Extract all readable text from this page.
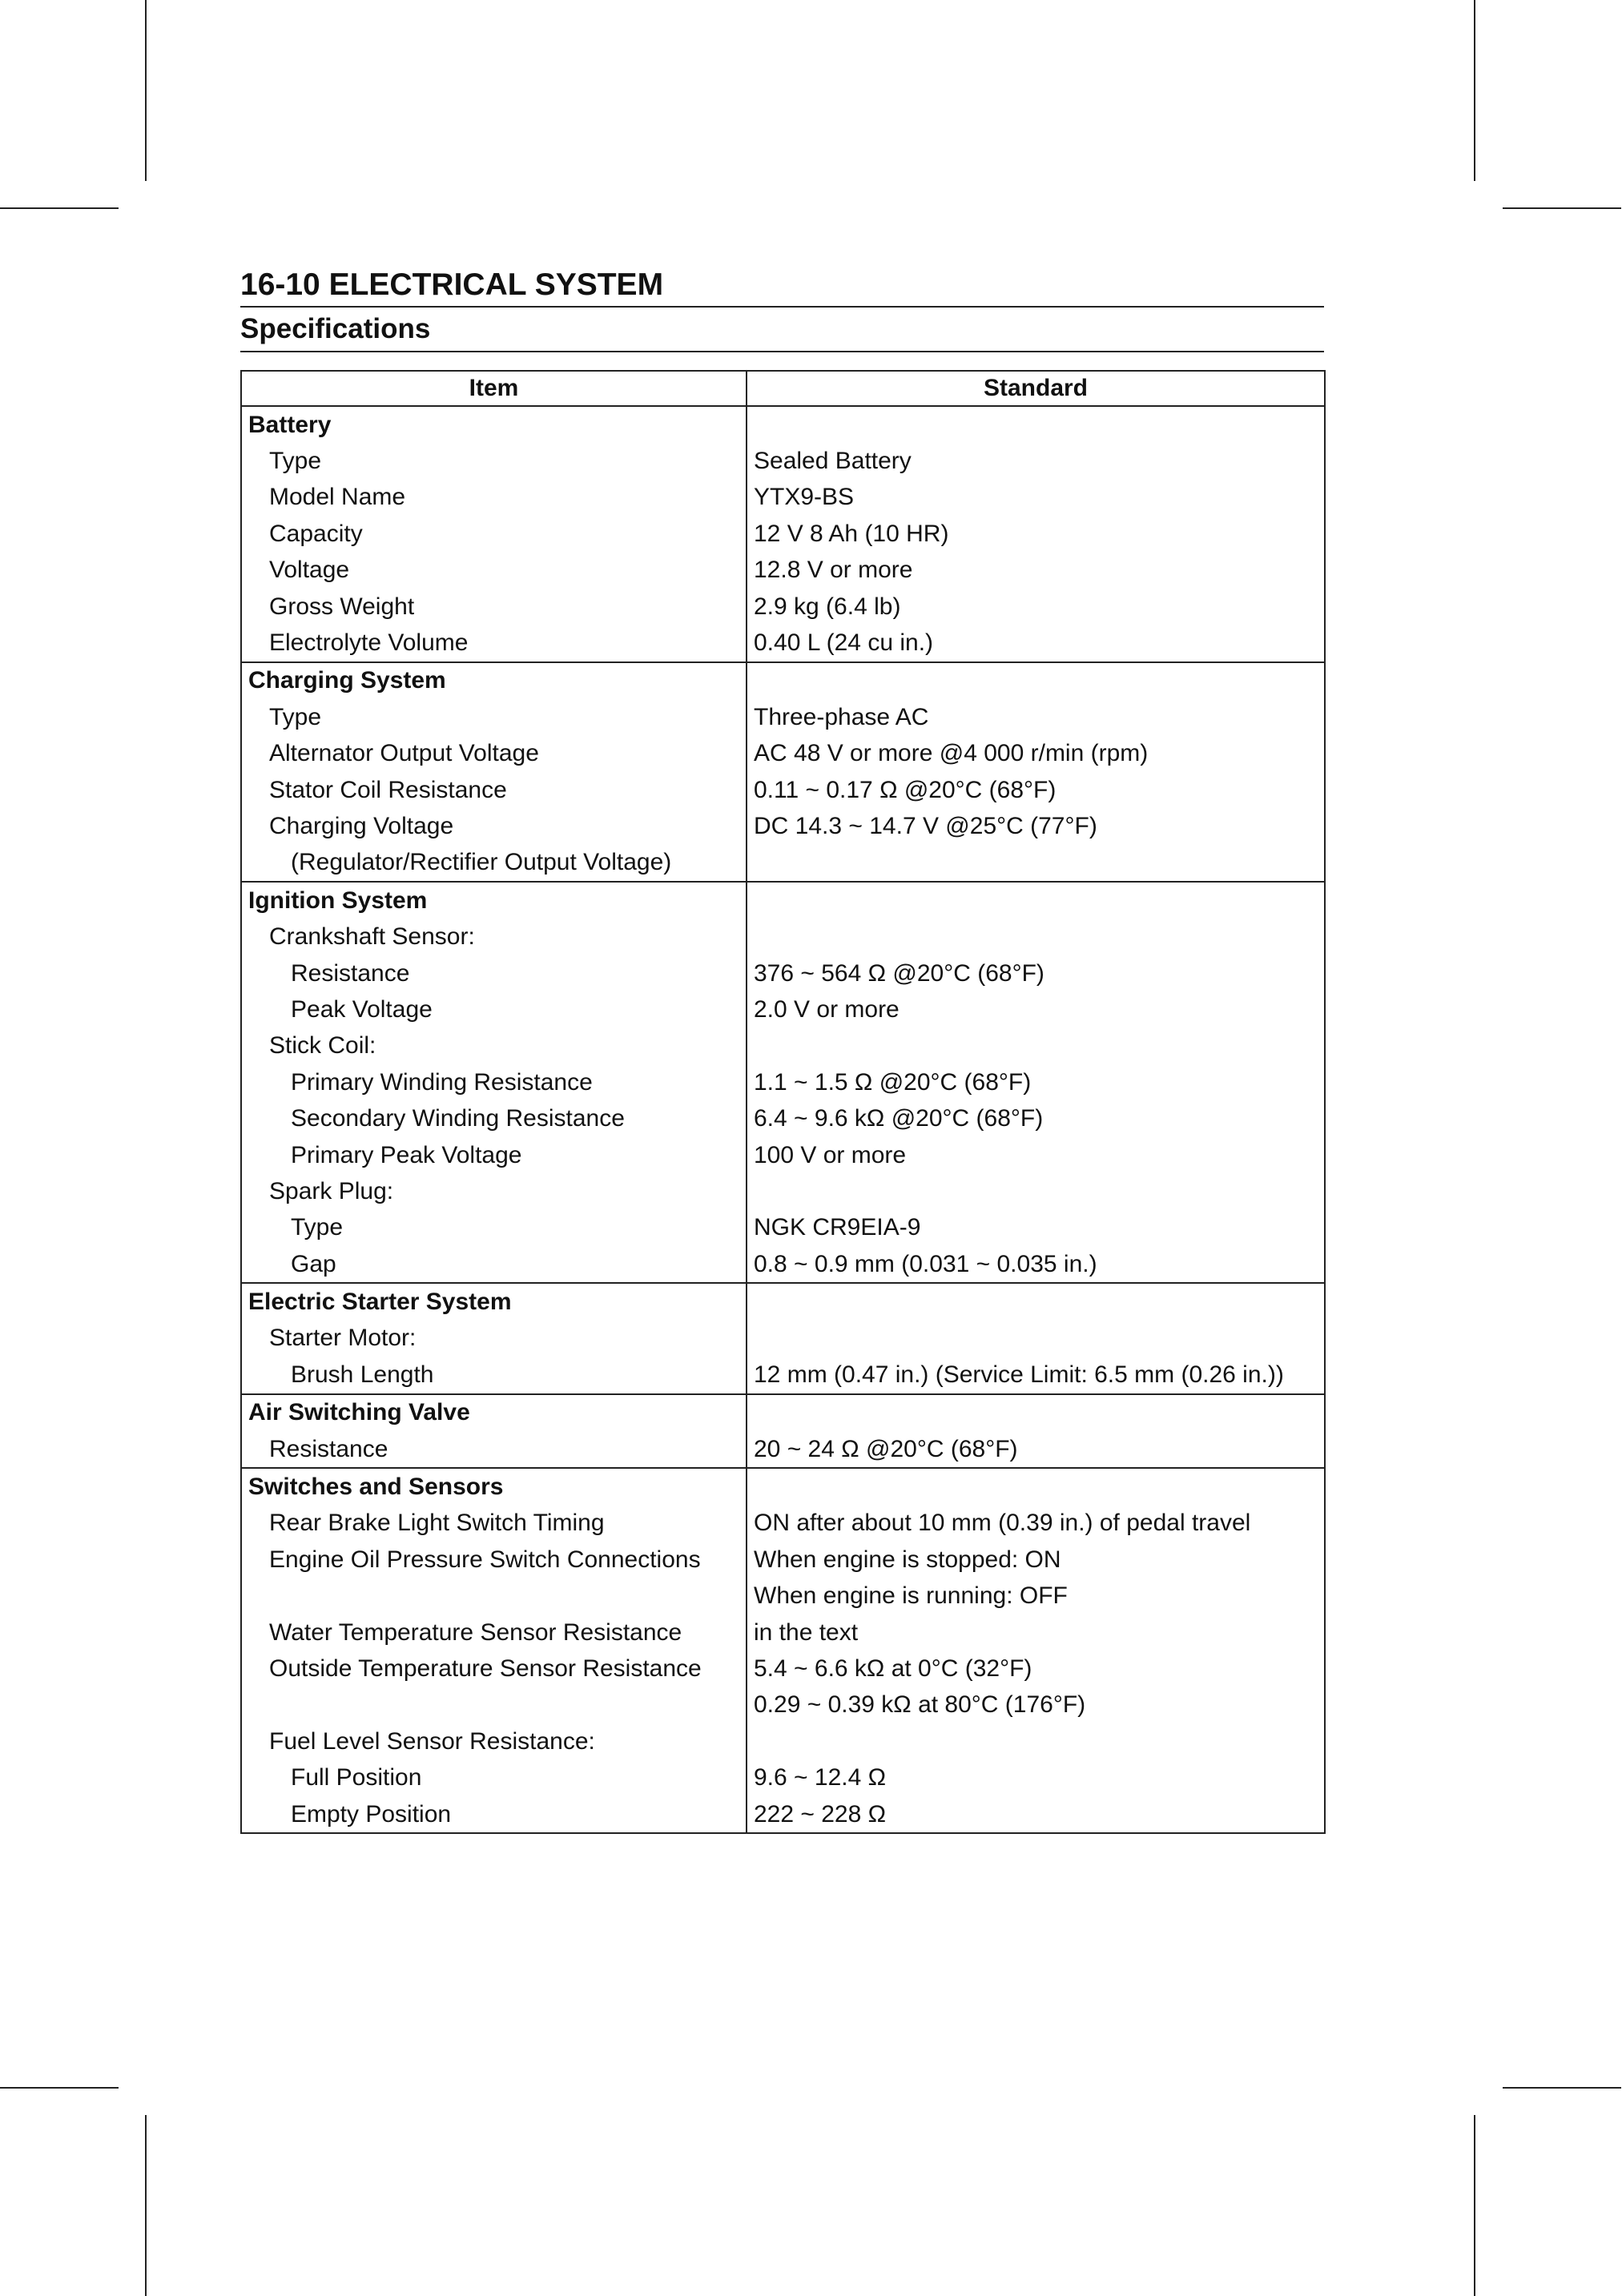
16-10 ELECTRICAL SYSTEM
Specifications
Item	Standard
Battery	
Type	Sealed Battery
Model Name	YTX9-BS
Capacity	12 V 8 Ah (10 HR)
Voltage	12.8 V or more
Gross Weight	2.9 kg (6.4 lb)
Electrolyte Volume	0.40 L (24 cu in.)
Charging System	
Type	Three-phase AC
Alternator Output Voltage	AC 48 V or more @4 000 r/min (rpm)
Stator Coil Resistance	0.11 ~ 0.17 Ω @20°C (68°F)
Charging Voltage	DC 14.3 ~ 14.7 V @25°C (77°F)
(Regulator/Rectifier Output Voltage)	
Ignition System	
Crankshaft Sensor:	
Resistance	376 ~ 564 Ω @20°C (68°F)
Peak Voltage	2.0 V or more
Stick Coil:	
Primary Winding Resistance	1.1 ~ 1.5 Ω @20°C (68°F)
Secondary Winding Resistance	6.4 ~ 9.6 kΩ @20°C (68°F)
Primary Peak Voltage	100 V or more
Spark Plug:	
Type	NGK CR9EIA-9
Gap	0.8 ~ 0.9 mm (0.031 ~ 0.035 in.)
Electric Starter System	
Starter Motor:	
Brush Length	12 mm (0.47 in.) (Service Limit: 6.5 mm (0.26 in.))
Air Switching Valve	
Resistance	20 ~ 24 Ω @20°C (68°F)
Switches and Sensors	
Rear Brake Light Switch Timing	ON after about 10 mm (0.39 in.) of pedal travel
Engine Oil Pressure Switch Connections	When engine is stopped: ON
	When engine is running: OFF
Water Temperature Sensor Resistance	in the text
Outside Temperature Sensor Resistance	5.4 ~ 6.6 kΩ at 0°C (32°F)
	0.29 ~ 0.39 kΩ at 80°C (176°F)
Fuel Level Sensor Resistance:	
Full Position	9.6 ~ 12.4 Ω
Empty Position	222 ~ 228 Ω
